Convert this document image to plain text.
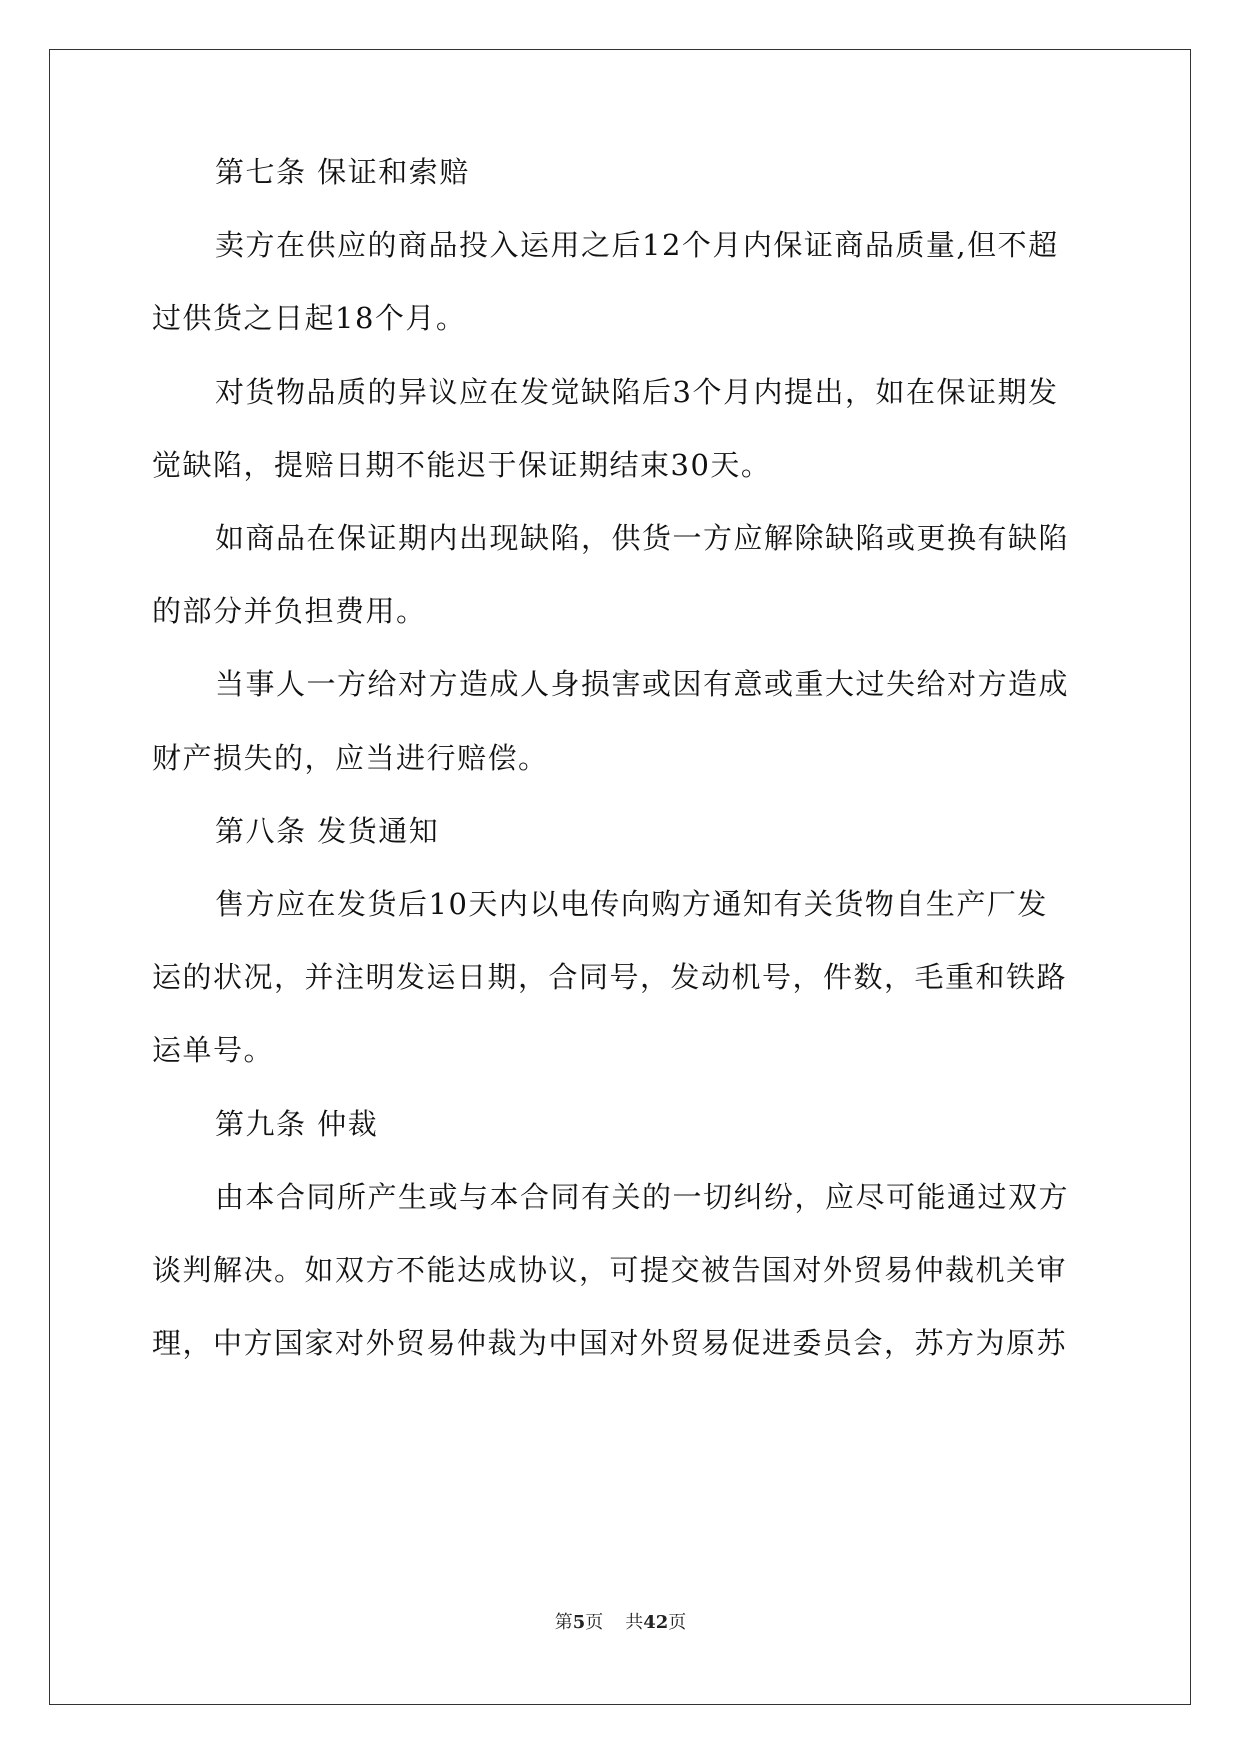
第七条 保证和索赔
卖方在供应的商品投入运用之后12个月内保证商品质量,但不超
过供货之日起18个月。
对货物品质的异议应在发觉缺陷后3个月内提出，如在保证期发
觉缺陷，提赔日期不能迟于保证期结束30天。
如商品在保证期内出现缺陷，供货一方应解除缺陷或更换有缺陷
的部分并负担费用。
当事人一方给对方造成人身损害或因有意或重大过失给对方造成
财产损失的，应当进行赔偿。
第八条 发货通知
售方应在发货后10天内以电传向购方通知有关货物自生产厂发
运的状况，并注明发运日期，合同号，发动机号，件数，毛重和铁路
运单号。
第九条 仲裁
由本合同所产生或与本合同有关的一切纠纷，应尽可能通过双方
谈判解决。如双方不能达成协议，可提交被告国对外贸易仲裁机关审
理，中方国家对外贸易仲裁为中国对外贸易促进委员会，苏方为原苏
第5页 共42页
